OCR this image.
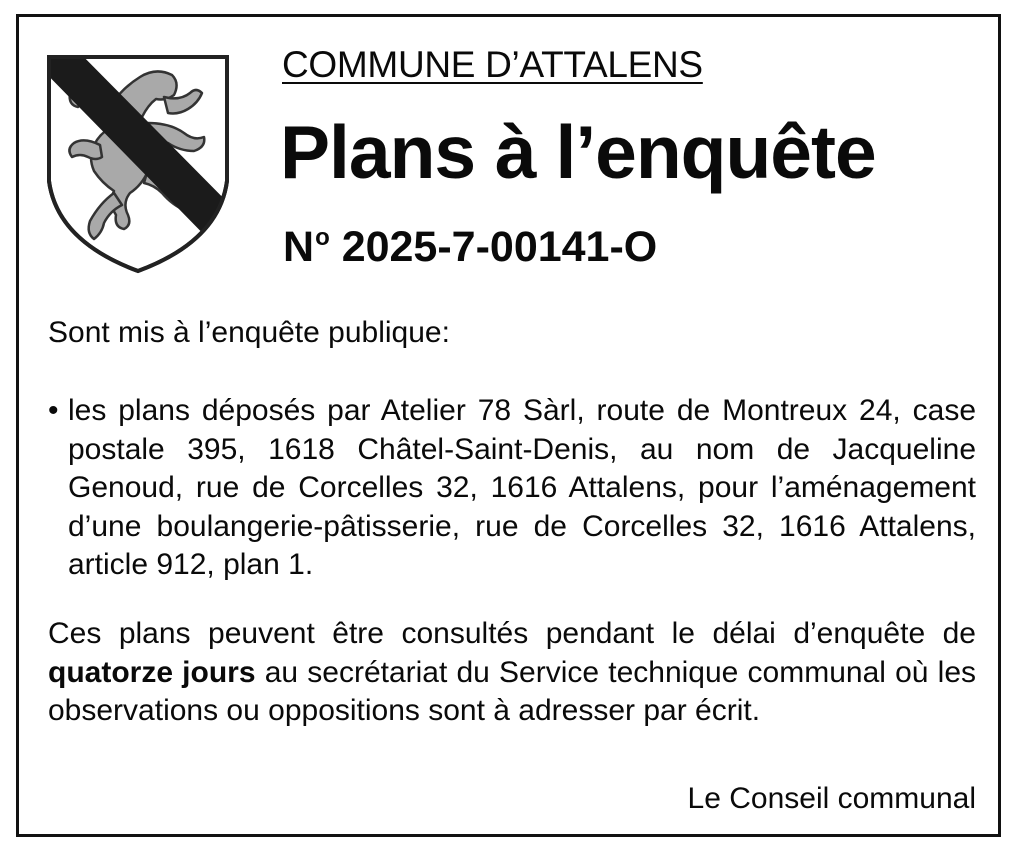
COMMUNE D’ATTALENS
Plans à l’enquête
$N^o$ 2025-7-00141-O
Sont mis à l’enquête publique:
• les plans déposés par Atelier 78 Sàrl, route de Montreux 24, case postale 395, 1618 Châtel-Saint-Denis, au nom de Jacqueline Genoud, rue de Corcelles 32, 1616 Attalens, pour l’aménagement d’une boulangerie-pâtisserie, rue de Corcelles 32, 1616 Attalens, article 912, plan 1.
Ces plans peuvent être consultés pendant le délai d’enquête de quatorze jours au secrétariat du Service technique communal où les observations ou oppositions sont à adresser par écrit.
Le Conseil communal
